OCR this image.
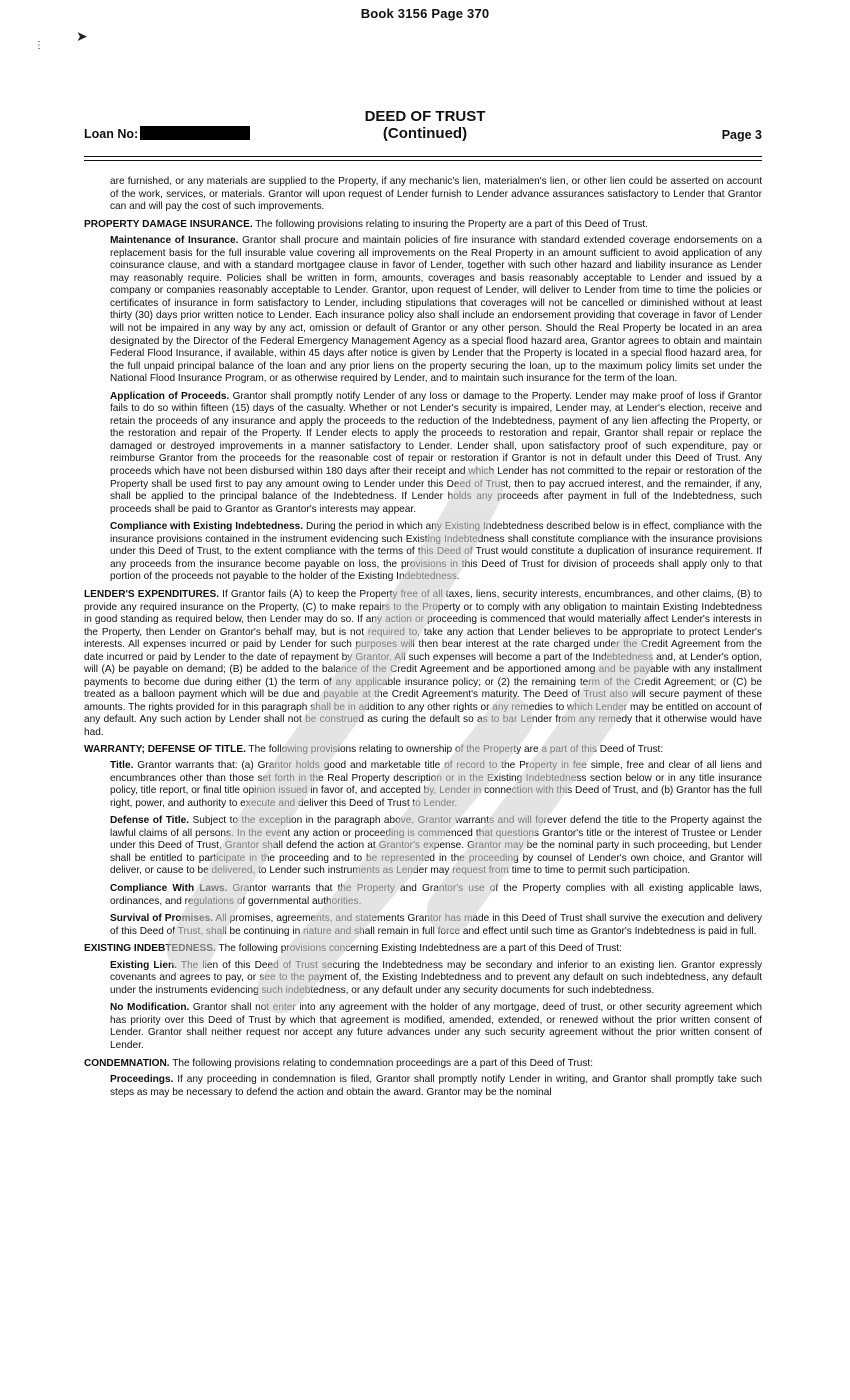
Book 3156 Page 370
➤
⋮
DEED OF TRUST
(Continued)
Loan No:	Page 3

are furnished, or any materials are supplied to the Property, if any mechanic's lien, materialmen's lien, or other lien could be asserted on account of the work, services, or materials. Grantor will upon request of Lender furnish to Lender advance assurances satisfactory to Lender that Grantor can and will pay the cost of such improvements.

PROPERTY DAMAGE INSURANCE. The following provisions relating to insuring the Property are a part of this Deed of Trust.

Maintenance of Insurance. Grantor shall procure and maintain policies of fire insurance with standard extended coverage endorsements on a replacement basis for the full insurable value covering all improvements on the Real Property in an amount sufficient to avoid application of any coinsurance clause, and with a standard mortgagee clause in favor of Lender, together with such other hazard and liability insurance as Lender may reasonably require. Policies shall be written in form, amounts, coverages and basis reasonably acceptable to Lender and issued by a company or companies reasonably acceptable to Lender. Grantor, upon request of Lender, will deliver to Lender from time to time the policies or certificates of insurance in form satisfactory to Lender, including stipulations that coverages will not be cancelled or diminished without at least thirty (30) days prior written notice to Lender. Each insurance policy also shall include an endorsement providing that coverage in favor of Lender will not be impaired in any way by any act, omission or default of Grantor or any other person. Should the Real Property be located in an area designated by the Director of the Federal Emergency Management Agency as a special flood hazard area, Grantor agrees to obtain and maintain Federal Flood Insurance, if available, within 45 days after notice is given by Lender that the Property is located in a special flood hazard area, for the full unpaid principal balance of the loan and any prior liens on the property securing the loan, up to the maximum policy limits set under the National Flood Insurance Program, or as otherwise required by Lender, and to maintain such insurance for the term of the loan.

Application of Proceeds. Grantor shall promptly notify Lender of any loss or damage to the Property. Lender may make proof of loss if Grantor fails to do so within fifteen (15) days of the casualty. Whether or not Lender's security is impaired, Lender may, at Lender's election, receive and retain the proceeds of any insurance and apply the proceeds to the reduction of the Indebtedness, payment of any lien affecting the Property, or the restoration and repair of the Property. If Lender elects to apply the proceeds to restoration and repair, Grantor shall repair or replace the damaged or destroyed improvements in a manner satisfactory to Lender. Lender shall, upon satisfactory proof of such expenditure, pay or reimburse Grantor from the proceeds for the reasonable cost of repair or restoration if Grantor is not in default under this Deed of Trust. Any proceeds which have not been disbursed within 180 days after their receipt and which Lender has not committed to the repair or restoration of the Property shall be used first to pay any amount owing to Lender under this Deed of Trust, then to pay accrued interest, and the remainder, if any, shall be applied to the principal balance of the Indebtedness. If Lender holds any proceeds after payment in full of the Indebtedness, such proceeds shall be paid to Grantor as Grantor's interests may appear.

Compliance with Existing Indebtedness. During the period in which any Existing Indebtedness described below is in effect, compliance with the insurance provisions contained in the instrument evidencing such Existing Indebtedness shall constitute compliance with the insurance provisions under this Deed of Trust, to the extent compliance with the terms of this Deed of Trust would constitute a duplication of insurance requirement. If any proceeds from the insurance become payable on loss, the provisions in this Deed of Trust for division of proceeds shall apply only to that portion of the proceeds not payable to the holder of the Existing Indebtedness.

LENDER'S EXPENDITURES. If Grantor fails (A) to keep the Property free of all taxes, liens, security interests, encumbrances, and other claims, (B) to provide any required insurance on the Property, (C) to make repairs to the Property or to comply with any obligation to maintain Existing Indebtedness in good standing as required below, then Lender may do so. If any action or proceeding is commenced that would materially affect Lender's interests in the Property, then Lender on Grantor's behalf may, but is not required to, take any action that Lender believes to be appropriate to protect Lender's interests. All expenses incurred or paid by Lender for such purposes will then bear interest at the rate charged under the Credit Agreement from the date incurred or paid by Lender to the date of repayment by Grantor. All such expenses will become a part of the Indebtedness and, at Lender's option, will (A) be payable on demand; (B) be added to the balance of the Credit Agreement and be apportioned among and be payable with any installment payments to become due during either (1) the term of any applicable insurance policy; or (2) the remaining term of the Credit Agreement; or (C) be treated as a balloon payment which will be due and payable at the Credit Agreement's maturity. The Deed of Trust also will secure payment of these amounts. The rights provided for in this paragraph shall be in addition to any other rights or any remedies to which Lender may be entitled on account of any default. Any such action by Lender shall not be construed as curing the default so as to bar Lender from any remedy that it otherwise would have had.

WARRANTY; DEFENSE OF TITLE. The following provisions relating to ownership of the Property are a part of this Deed of Trust:

Title. Grantor warrants that: (a) Grantor holds good and marketable title of record to the Property in fee simple, free and clear of all liens and encumbrances other than those set forth in the Real Property description or in the Existing Indebtedness section below or in any title insurance policy, title report, or final title opinion issued in favor of, and accepted by, Lender in connection with this Deed of Trust, and (b) Grantor has the full right, power, and authority to execute and deliver this Deed of Trust to Lender.

Defense of Title. Subject to the exception in the paragraph above, Grantor warrants and will forever defend the title to the Property against the lawful claims of all persons. In the event any action or proceeding is commenced that questions Grantor's title or the interest of Trustee or Lender under this Deed of Trust, Grantor shall defend the action at Grantor's expense. Grantor may be the nominal party in such proceeding, but Lender shall be entitled to participate in the proceeding and to be represented in the proceeding by counsel of Lender's own choice, and Grantor will deliver, or cause to be delivered, to Lender such instruments as Lender may request from time to time to permit such participation.

Compliance With Laws. Grantor warrants that the Property and Grantor's use of the Property complies with all existing applicable laws, ordinances, and regulations of governmental authorities.

Survival of Promises. All promises, agreements, and statements Grantor has made in this Deed of Trust shall survive the execution and delivery of this Deed of Trust, shall be continuing in nature and shall remain in full force and effect until such time as Grantor's Indebtedness is paid in full.

EXISTING INDEBTEDNESS. The following provisions concerning Existing Indebtedness are a part of this Deed of Trust:

Existing Lien. The lien of this Deed of Trust securing the Indebtedness may be secondary and inferior to an existing lien. Grantor expressly covenants and agrees to pay, or see to the payment of, the Existing Indebtedness and to prevent any default on such indebtedness, any default under the instruments evidencing such indebtedness, or any default under any security documents for such indebtedness.

No Modification. Grantor shall not enter into any agreement with the holder of any mortgage, deed of trust, or other security agreement which has priority over this Deed of Trust by which that agreement is modified, amended, extended, or renewed without the prior written consent of Lender. Grantor shall neither request nor accept any future advances under any such security agreement without the prior written consent of Lender.

CONDEMNATION. The following provisions relating to condemnation proceedings are a part of this Deed of Trust:

Proceedings. If any proceeding in condemnation is filed, Grantor shall promptly notify Lender in writing, and Grantor shall promptly take such steps as may be necessary to defend the action and obtain the award. Grantor may be the nominal
